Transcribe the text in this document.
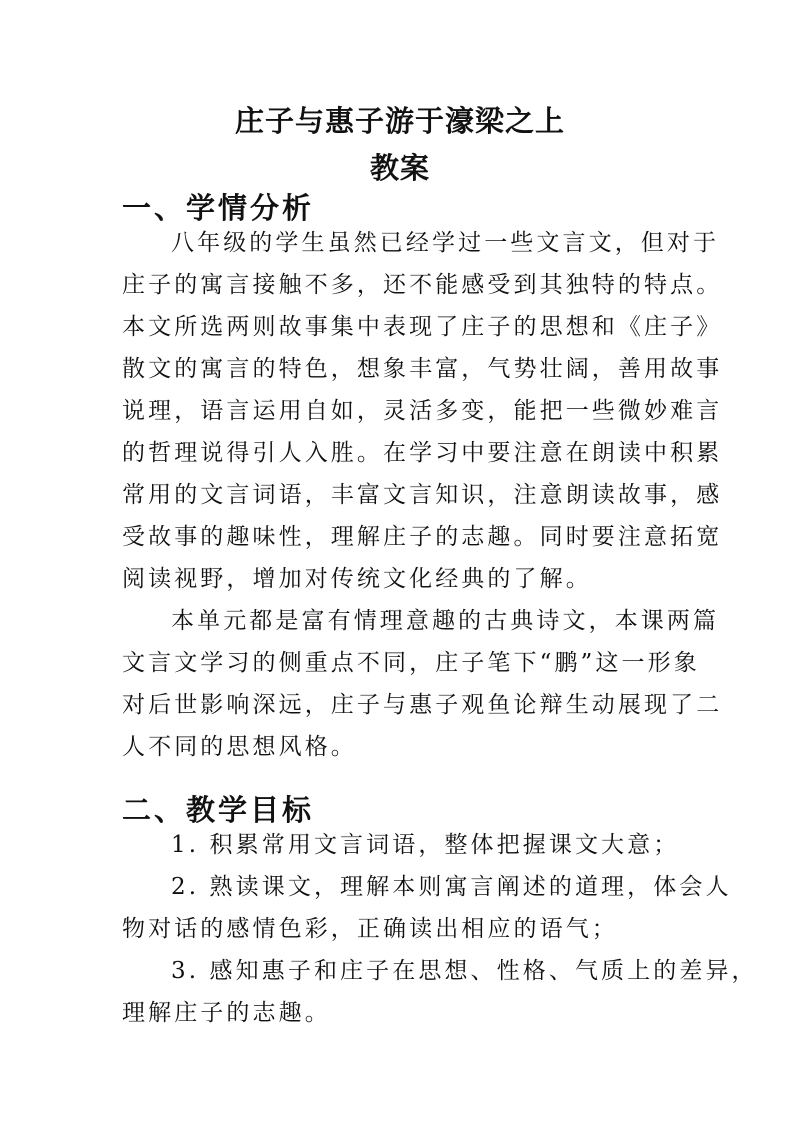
庄子与惠子游于濠梁之上
教案
一、学情分析
八年级的学生虽然已经学过一些文言文，但对于
庄子的寓言接触不多，还不能感受到其独特的特点。
本文所选两则故事集中表现了庄子的思想和《庄子》
散文的寓言的特色，想象丰富，气势壮阔，善用故事
说理，语言运用自如，灵活多变，能把一些微妙难言
的哲理说得引人入胜。在学习中要注意在朗读中积累
常用的文言词语，丰富文言知识，注意朗读故事，感
受故事的趣味性，理解庄子的志趣。同时要注意拓宽
阅读视野，增加对传统文化经典的了解。
本单元都是富有情理意趣的古典诗文，本课两篇
文言文学习的侧重点不同，庄子笔下“鹏”这一形象
对后世影响深远，庄子与惠子观鱼论辩生动展现了二
人不同的思想风格。
二、教学目标
1. 积累常用文言词语，整体把握课文大意；
2. 熟读课文，理解本则寓言阐述的道理，体会人
物对话的感情色彩，正确读出相应的语气；
3. 感知惠子和庄子在思想、性格、气质上的差异，
理解庄子的志趣。
